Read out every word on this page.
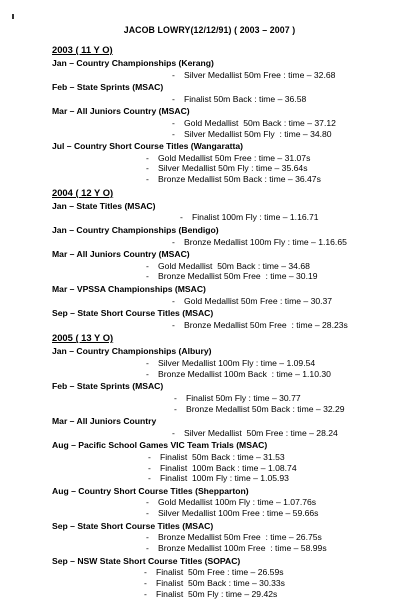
JACOB LOWRY(12/12/91) ( 2003 – 2007 )
2003 ( 11 Y O)
Jan – Country Championships (Kerang)
- Silver Medallist 50m Free : time – 32.68
Feb – State Sprints (MSAC)
- Finalist 50m Back : time – 36.58
Mar – All Juniors Country (MSAC)
- Gold Medallist  50m Back : time – 37.12
- Silver Medallist 50m Fly  : time – 34.80
Jul – Country Short Course Titles (Wangaratta)
- Gold Medallist 50m Free : time – 31.07s
- Silver Medallist 50m Fly : time – 35.64s
- Bronze Medallist 50m Back : time – 36.47s
2004 ( 12 Y O)
Jan – State Titles (MSAC)
- Finalist 100m Fly : time – 1.16.71
Jan – Country Championships (Bendigo)
- Bronze Medallist 100m Fly : time – 1.16.65
Mar – All Juniors Country (MSAC)
- Gold Medallist  50m Back : time – 34.68
- Bronze Medallist 50m Free  : time – 30.19
Mar – VPSSA Championships (MSAC)
- Gold Medallist 50m Free : time – 30.37
Sep – State Short Course Titles (MSAC)
- Bronze Medallist 50m Free  : time – 28.23s
2005 ( 13 Y O)
Jan – Country Championships (Albury)
- Silver Medallist 100m Fly : time – 1.09.54
- Bronze Medallist 100m Back  : time – 1.10.30
Feb – State Sprints (MSAC)
- Finalist 50m Fly : time – 30.77
- Bronze Medallist 50m Back : time – 32.29
Mar – All Juniors Country
- Silver Medallist  50m Free : time – 28.24
Aug – Pacific School Games VIC Team Trials (MSAC)
- Finalist  50m Back : time – 31.53
- Finalist  100m Back : time – 1.08.74
- Finalist  100m Fly : time – 1.05.93
Aug – Country Short Course Titles (Shepparton)
- Gold Medallist 100m Fly : time – 1.07.76s
- Silver Medallist 100m Free : time – 59.66s
Sep – State Short Course Titles (MSAC)
- Bronze Medallist 50m Free  : time – 26.75s
- Bronze Medallist 100m Free  : time – 58.99s
Sep – NSW State Short Course Titles (SOPAC)
- Finalist  50m Free : time – 26.59s
- Finalist  50m Back : time – 30.33s
- Finalist  50m Fly : time – 29.42s
